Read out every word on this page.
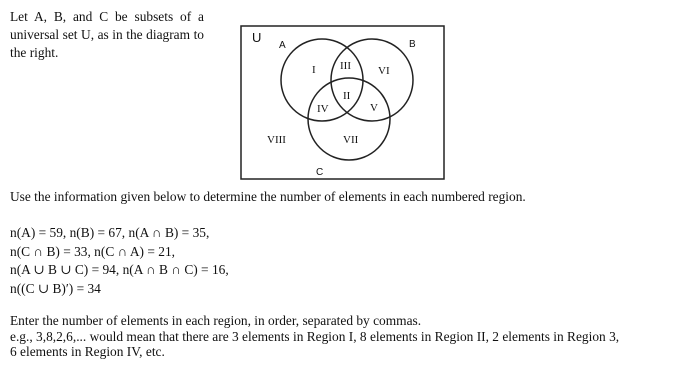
Let A, B, and C be subsets of a universal set U, as in the diagram to the right.
U
A	B
C
I
II
III
IV	V
VI
VII
VIII
Use the information given below to determine the number of elements in each numbered region.
n(A) = 59, n(B) = 67, n(A ∩ B) = 35,
n(C ∩ B) = 33, n(C ∩ A) = 21,
n(A ∪ B ∪ C) = 94, n(A ∩ B ∩ C) = 16,
n((C ∪ B)′) = 34
Enter the number of elements in each region, in order, separated by commas.
e.g., 3,8,2,6,... would mean that there are 3 elements in Region I, 8 elements in Region II, 2 elements in Region 3,
6 elements in Region IV, etc.
